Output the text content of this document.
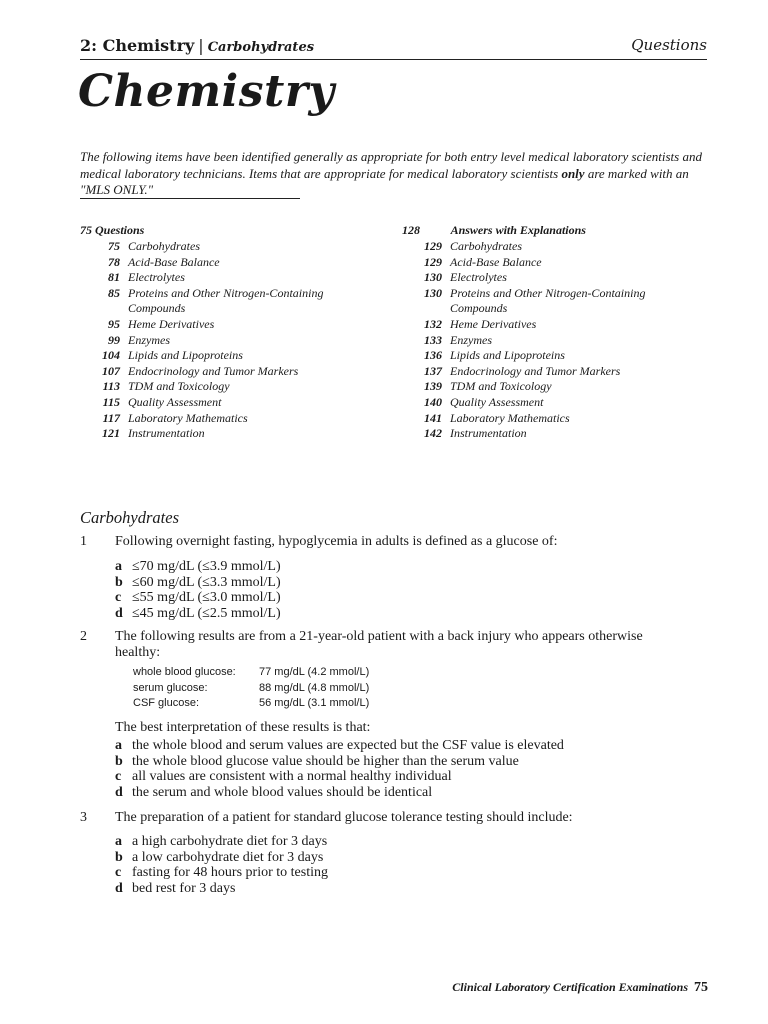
2: Chemistry | Carbohydrates	Questions
Chemistry
The following items have been identified generally as appropriate for both entry level medical laboratory scientists and medical laboratory technicians. Items that are appropriate for medical laboratory scientists only are marked with an "MLS ONLY."
75 Questions
75 Carbohydrates
78 Acid-Base Balance
81 Electrolytes
85 Proteins and Other Nitrogen-Containing
Compounds
95 Heme Derivatives
99 Enzymes
104 Lipids and Lipoproteins
107 Endocrinology and Tumor Markers
113 TDM and Toxicology
115 Quality Assessment
117 Laboratory Mathematics
121 Instrumentation
128	Answers with Explanations
129 Carbohydrates
129 Acid-Base Balance
130 Electrolytes
130 Proteins and Other Nitrogen-Containing
Compounds
132 Heme Derivatives
133 Enzymes
136 Lipids and Lipoproteins
137 Endocrinology and Tumor Markers
139 TDM and Toxicology
140 Quality Assessment
141 Laboratory Mathematics
142 Instrumentation
Carbohydrates
1 Following overnight fasting, hypoglycemia in adults is defined as a glucose of:
a ≤70 mg/dL (≤3.9 mmol/L)
b ≤60 mg/dL (≤3.3 mmol/L)
c ≤55 mg/dL (≤3.0 mmol/L)
d ≤45 mg/dL (≤2.5 mmol/L)
2 The following results are from a 21-year-old patient with a back injury who appears otherwise healthy:
whole blood glucose: 77 mg/dL (4.2 mmol/L)
serum glucose:	88 mg/dL (4.8 mmol/L)
CSF glucose:	56 mg/dL (3.1 mmol/L)
The best interpretation of these results is that:
a the whole blood and serum values are expected but the CSF value is elevated
b the whole blood glucose value should be higher than the serum value
c all values are consistent with a normal healthy individual
d the serum and whole blood values should be identical
3 The preparation of a patient for standard glucose tolerance testing should include:
a a high carbohydrate diet for 3 days
b a low carbohydrate diet for 3 days
c fasting for 48 hours prior to testing
d bed rest for 3 days
Clinical Laboratory Certification Examinations 75
